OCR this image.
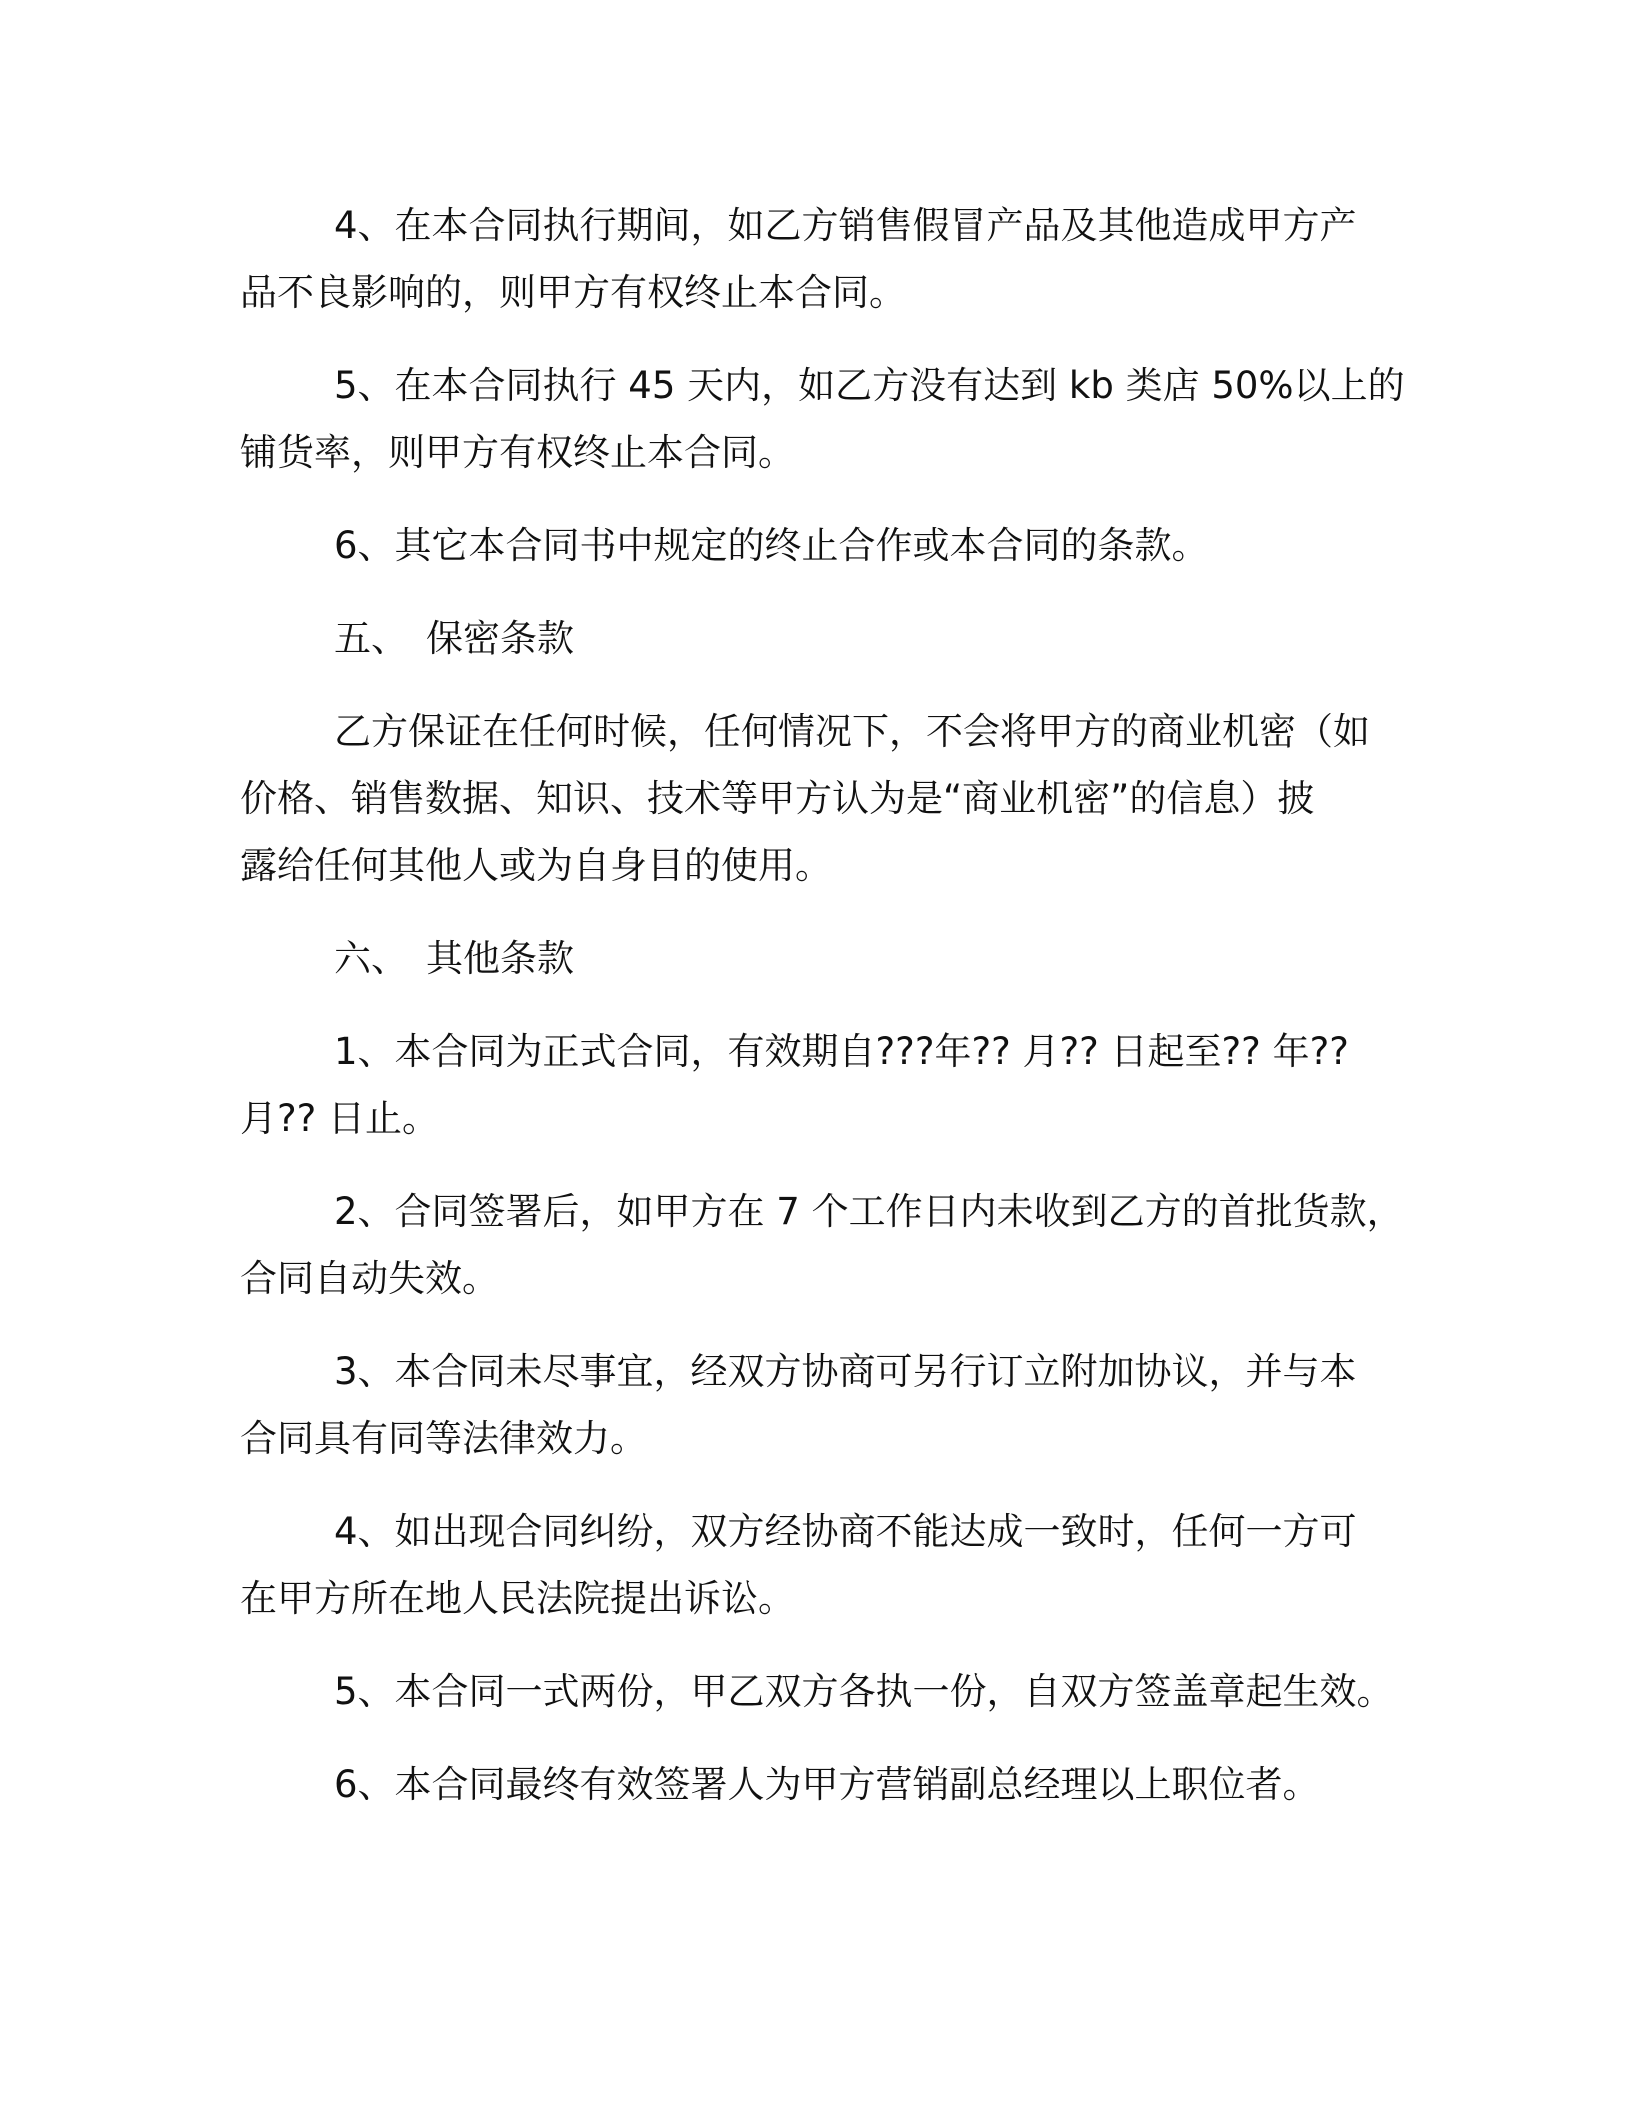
4、在本合同执行期间，如乙方销售假冒产品及其他造成甲方产
品不良影响的，则甲方有权终止本合同。
5、在本合同执行 45 天内，如乙方没有达到 kb 类店 50%以上的
铺货率，则甲方有权终止本合同。
6、其它本合同书中规定的终止合作或本合同的条款。
五、 保密条款
乙方保证在任何时候，任何情况下，不会将甲方的商业机密（如
价格、销售数据、知识、技术等甲方认为是“商业机密”的信息）披
露给任何其他人或为自身目的使用。
六、 其他条款
1、本合同为正式合同，有效期自???年?? 月?? 日起至?? 年??
月?? 日止。
2、合同签署后，如甲方在 7 个工作日内未收到乙方的首批货款，
合同自动失效。
3、本合同未尽事宜，经双方协商可另行订立附加协议，并与本
合同具有同等法律效力。
4、如出现合同纠纷，双方经协商不能达成一致时，任何一方可
在甲方所在地人民法院提出诉讼。
5、本合同一式两份，甲乙双方各执一份，自双方签盖章起生效。
6、本合同最终有效签署人为甲方营销副总经理以上职位者。
